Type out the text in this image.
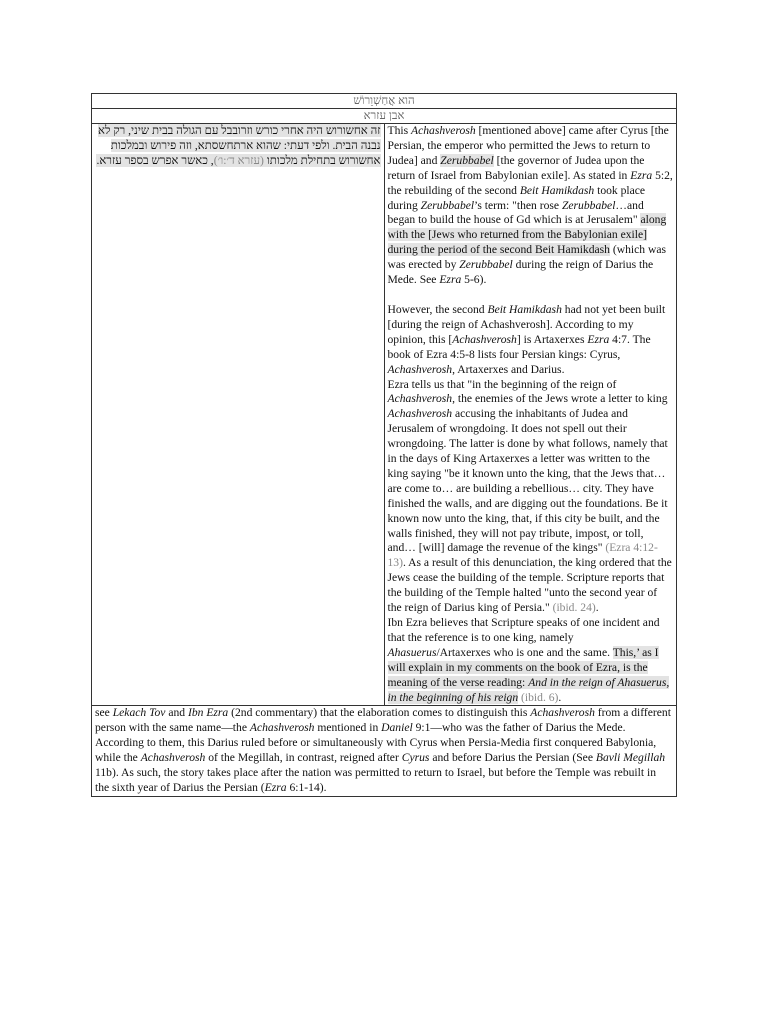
הוא אֲחַשְׁוֵרוֹשׁ
אבן עזרא
זה אחשורוש היה אחרי כורש וזרובבל עם הגולה בבית שיני, רק לא נבנה הבית. ולפי דעתי: שהוא ארתחשסתא, וזה פירוש ובמלכות אחשורוש בתחילת מלכותו (עזרא ד׳:ו׳), כאשר אפרש בספר עזרא.	
This Achashverosh [mentioned above] came after Cyrus [the Persian, the emperor who permitted the Jews to return to Judea] and Zerubbabel [the governor of Judea upon the return of Israel from Babylonian exile]. As stated in Ezra 5:2, the rebuilding of the second Beit Hamikdash took place during Zerubbabel’s term: "then rose Zerubbabel…and began to build the house of Gd which is at Jerusalem" along with the [Jews who returned from the Babylonian exile] during the period of the second Beit Hamikdash (which was was erected by Zerubbabel during the reign of Darius the Mede. See Ezra 5-6).
However, the second Beit Hamikdash had not yet been built [during the reign of Achashverosh]. According to my opinion, this [Achashverosh] is Artaxerxes Ezra 4:7. The book of Ezra 4:5-8 lists four Persian kings: Cyrus, Achashverosh, Artaxerxes and Darius.
Ezra tells us that "in the beginning of the reign of Achashverosh, the enemies of the Jews wrote a letter to king Achashverosh accusing the inhabitants of Judea and Jerusalem of wrongdoing. It does not spell out their wrongdoing. The latter is done by what follows, namely that in the days of King Artaxerxes a letter was written to the king saying "be it known unto the king, that the Jews that… are come to… are building a rebellious… city. They have finished the walls, and are digging out the foundations. Be it known now unto the king, that, if this city be built, and the walls finished, they will not pay tribute, impost, or toll, and… [will] damage the revenue of the kings" (Ezra 4:12-13). As a result of this denunciation, the king ordered that the Jews cease the building of the temple. Scripture reports that the building of the Temple halted "unto the second year of the reign of Darius king of Persia." (ibid. 24).
Ibn Ezra believes that Scripture speaks of one incident and that the reference is to one king, namely Ahasuerus/Artaxerxes who is one and the same. This,’ as I will explain in my comments on the book of Ezra, is the meaning of the verse reading: And in the reign of Ahasuerus, in the beginning of his reign (ibid. 6).

see Lekach Tov and Ibn Ezra (2nd commentary) that the elaboration comes to distinguish this Achashverosh from a different person with the same name—the Achashverosh mentioned in Daniel 9:1—who was the father of Darius the Mede. According to them, this Darius ruled before or simultaneously with Cyrus when Persia-Media first conquered Babylonia, while the Achashverosh of the Megillah, in contrast, reigned after Cyrus and before Darius the Persian (See Bavli Megillah 11b). As such, the story takes place after the nation was permitted to return to Israel, but before the Temple was rebuilt in the sixth year of Darius the Persian (Ezra 6:1-14).
